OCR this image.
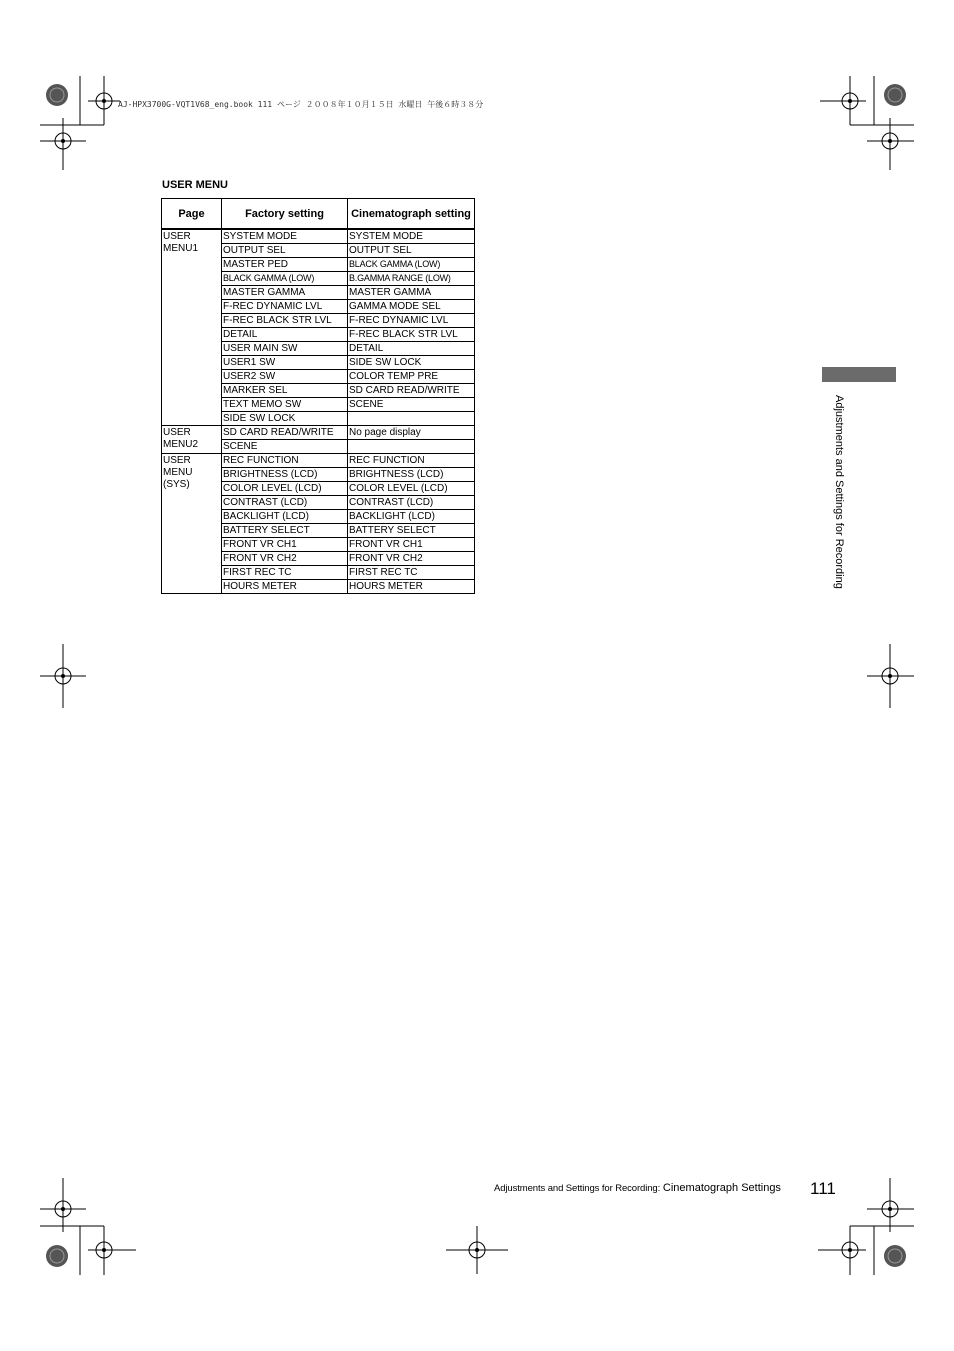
AJ-HPX3700G-VQT1V68_eng.book 111 ページ ２００８年１０月１５日 水曜日 午後６時３８分
USER MENU
Page	Factory setting	Cinematograph setting
USER MENU1	SYSTEM MODE	SYSTEM MODE
	OUTPUT SEL	OUTPUT SEL
	MASTER PED	BLACK GAMMA (LOW)
	BLACK GAMMA (LOW)	B.GAMMA RANGE (LOW)
	MASTER GAMMA	MASTER GAMMA
	F-REC DYNAMIC LVL	GAMMA MODE SEL
	F-REC BLACK STR LVL	F-REC DYNAMIC LVL
	DETAIL	F-REC BLACK STR LVL
	USER MAIN SW	DETAIL
	USER1 SW	SIDE SW LOCK
	USER2 SW	COLOR TEMP PRE
	MARKER SEL	SD CARD READ/WRITE
	TEXT MEMO SW	SCENE
	SIDE SW LOCK	
USER MENU2	SD CARD READ/WRITE	No page display
	SCENE	
USER MENU (SYS)	REC FUNCTION	REC FUNCTION
	BRIGHTNESS (LCD)	BRIGHTNESS (LCD)
	COLOR LEVEL (LCD)	COLOR LEVEL (LCD)
	CONTRAST (LCD)	CONTRAST (LCD)
	BACKLIGHT (LCD)	BACKLIGHT (LCD)
	BATTERY SELECT	BATTERY SELECT
	FRONT VR CH1	FRONT VR CH1
	FRONT VR CH2	FRONT VR CH2
	FIRST REC TC	FIRST REC TC
	HOURS METER	HOURS METER	Adjustments and Settings for Recording
Adjustments and Settings for Recording: Cinematograph Settings 111
